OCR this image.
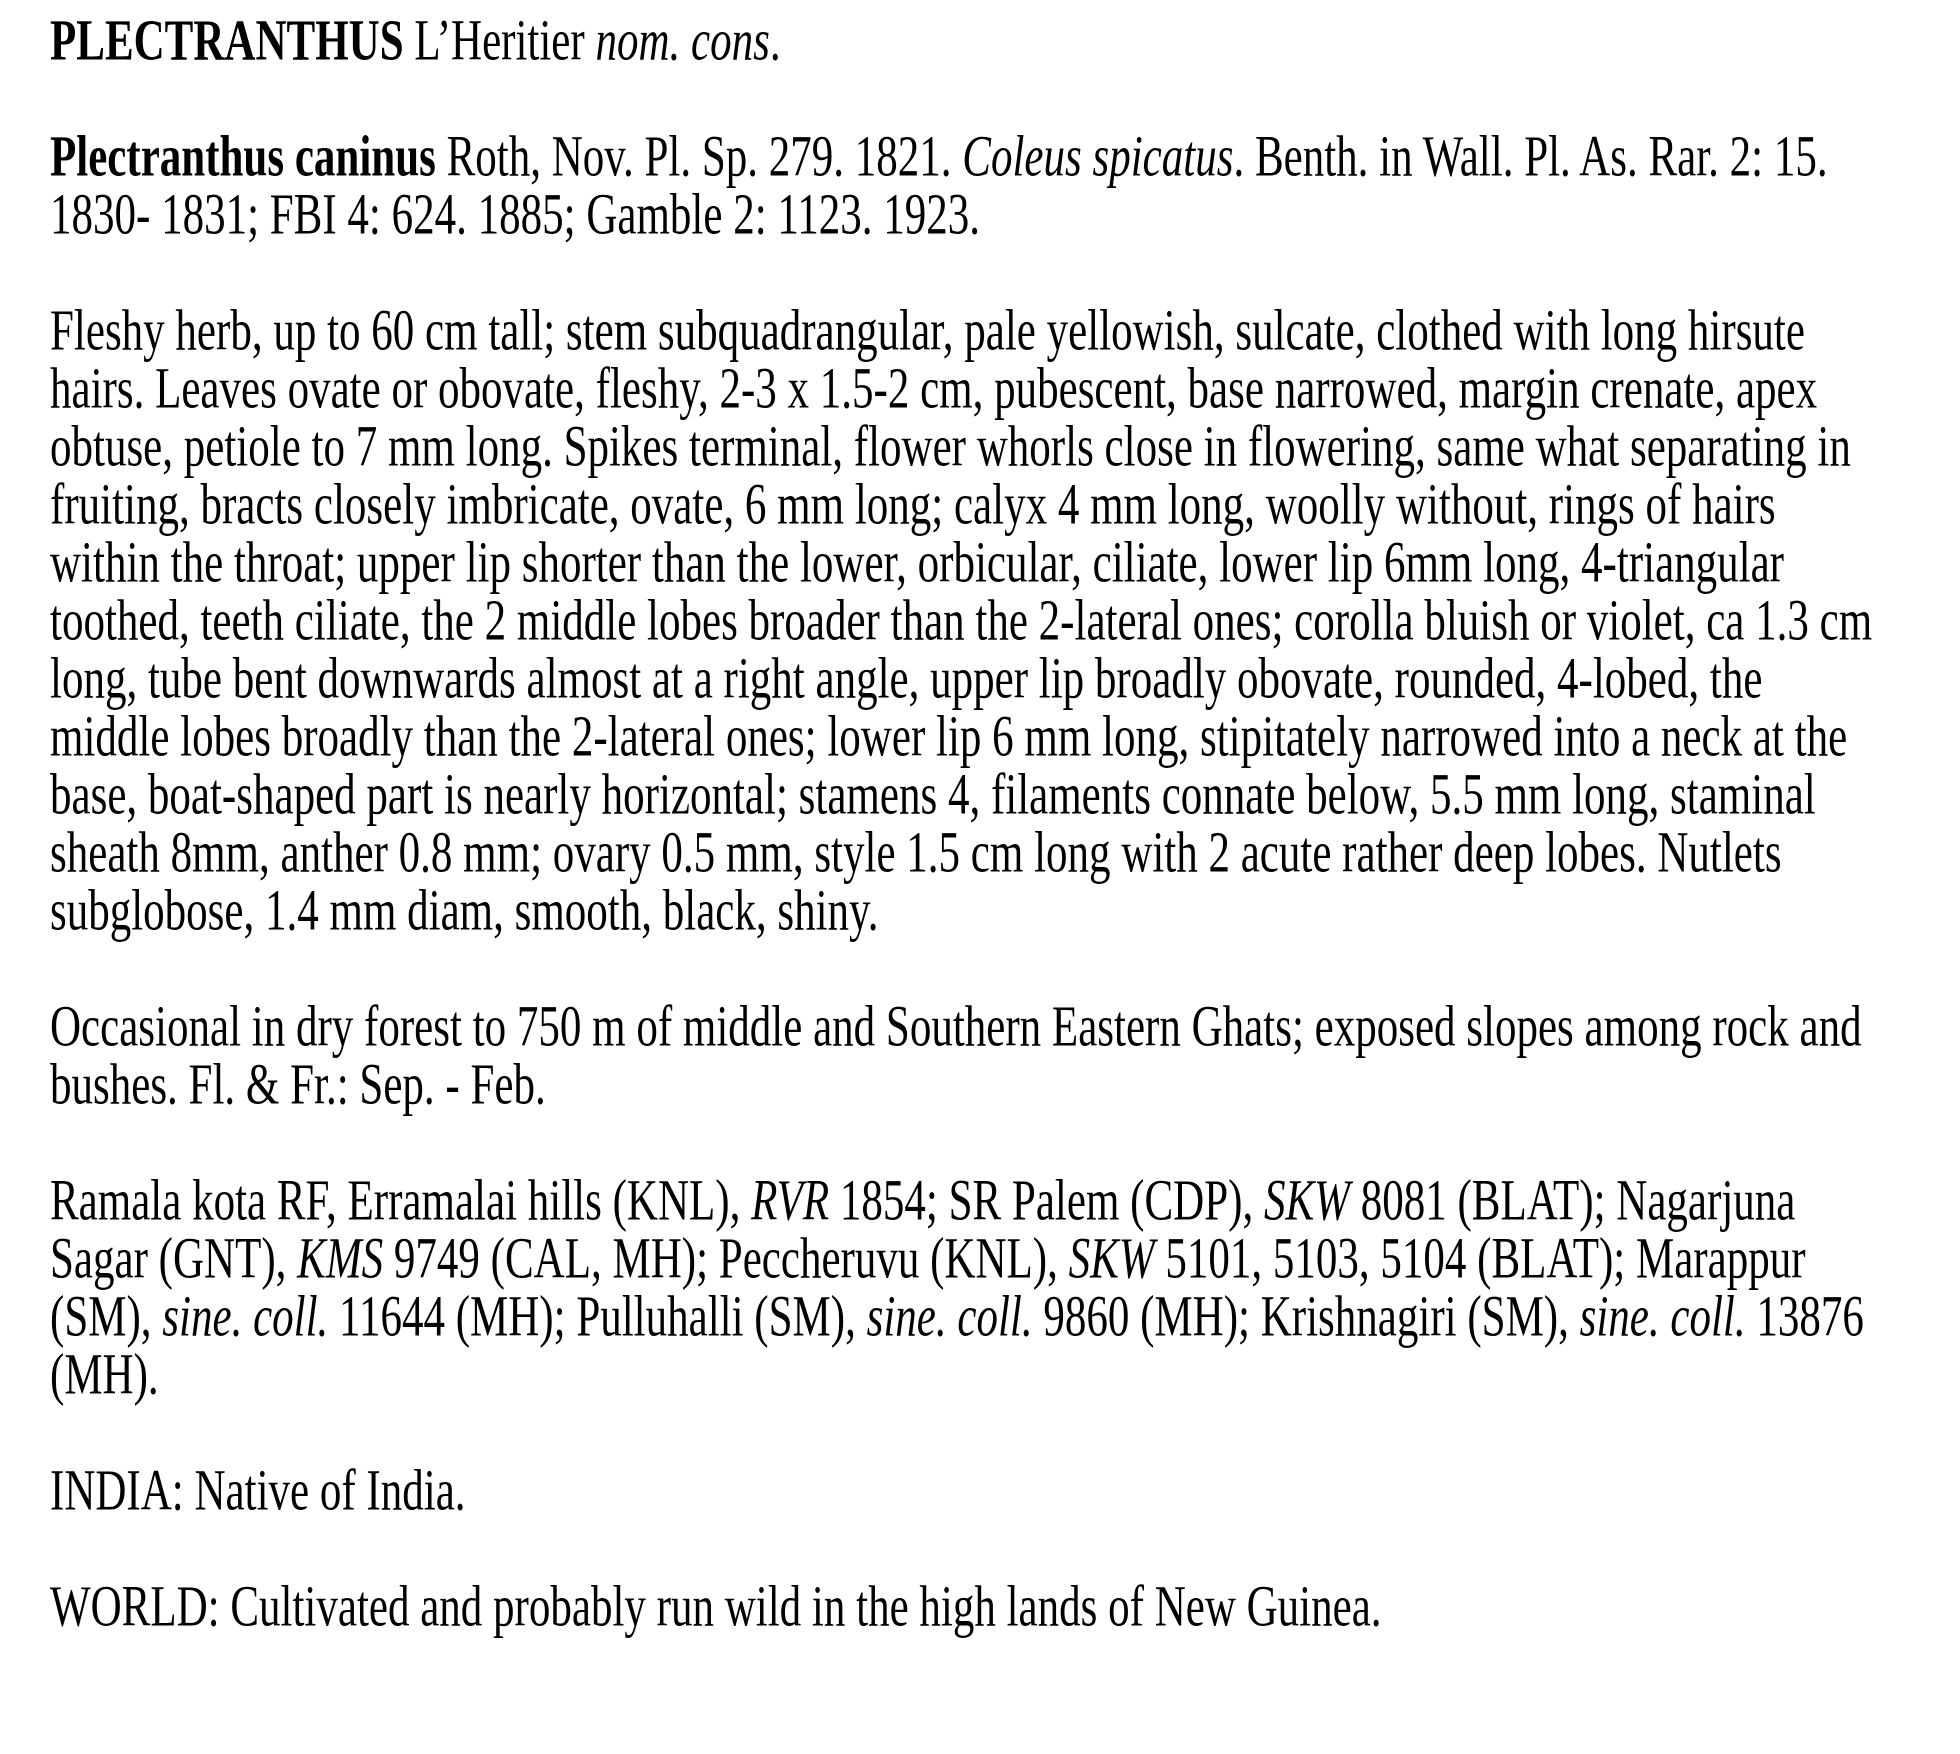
PLECTRANTHUS L’Heritier nom. cons.

Plectranthus caninus Roth, Nov. Pl. Sp. 279. 1821. Coleus spicatus. Benth. in Wall. Pl. As. Rar. 2: 15. 1830- 1831; FBI 4: 624. 1885; Gamble 2: 1123. 1923.

Fleshy herb, up to 60 cm tall; stem subquadrangular, pale yellowish, sulcate, clothed with long hirsute hairs. Leaves ovate or obovate, fleshy, 2-3 x 1.5-2 cm, pubescent, base narrowed, margin crenate, apex obtuse, petiole to 7 mm long. Spikes terminal, flower whorls close in flowering, same what separating in fruiting, bracts closely imbricate, ovate, 6 mm long; calyx 4 mm long, woolly without, rings of hairs within the throat; upper lip shorter than the lower, orbicular, ciliate, lower lip 6mm long, 4-triangular toothed, teeth ciliate, the 2 middle lobes broader than the 2-lateral ones; corolla bluish or violet, ca 1.3 cm long, tube bent downwards almost at a right angle, upper lip broadly obovate, rounded, 4-lobed, the middle lobes broadly than the 2-lateral ones; lower lip 6 mm long, stipitately narrowed into a neck at the base, boat-shaped part is nearly horizontal; stamens 4, filaments connate below, 5.5 mm long, staminal sheath 8mm, anther 0.8 mm; ovary 0.5 mm, style 1.5 cm long with 2 acute rather deep lobes. Nutlets subglobose, 1.4 mm diam, smooth, black, shiny.

Occasional in dry forest to 750 m of middle and Southern Eastern Ghats; exposed slopes among rock and bushes. Fl. & Fr.: Sep. - Feb.

Ramala kota RF, Erramalai hills (KNL), RVR 1854; SR Palem (CDP), SKW 8081 (BLAT); Nagarjuna Sagar (GNT), KMS 9749 (CAL, MH); Peccheruvu (KNL), SKW 5101, 5103, 5104 (BLAT); Marappur (SM), sine. coll. 11644 (MH); Pulluhalli (SM), sine. coll. 9860 (MH); Krishnagiri (SM), sine. coll. 13876 (MH).

INDIA: Native of India.

WORLD: Cultivated and probably run wild in the high lands of New Guinea.
